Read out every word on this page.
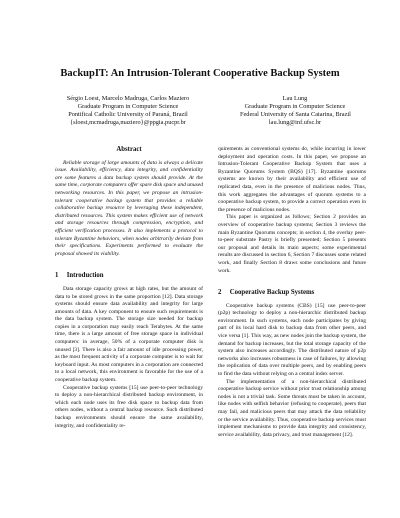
BackupIT: An Intrusion-Tolerant Cooperative Backup System
Sérgio Loest, Marcelo Madruga, Carlos Maziero
Graduate Program in Computer Science
Pontifical Catholic University of Paraná, Brazil
{sloest,mcmadruga,maziero}@ppgia.pucpr.br
Lau Lung
Graduate Program in Computer Science
Federal University of Santa Catarina, Brazil
lau.lung@inf.ufsc.br
Abstract

Reliable storage of large amounts of data is always a delicate issue. Availability, efficiency, data integrity, and confidentiality are some features a data backup system should provide. At the same time, corporate computers offer spare disk space and unused networking resources. In this paper, we propose an intrusion-tolerant cooperative backup system that provides a reliable collaborative backup resource by leveraging these independent, distributed resources. This system makes efficient use of network and storage resources through compression, encryption, and efficient verification processes. It also implements a protocol to tolerate Byzantine behaviors, when nodes arbitrarily deviate from their specifications. Experiments performed to evaluate the proposal showed its viability.

1 Introduction

Data storage capacity grows at high rates, but the amount of data to be stored grows in the same proportion [12]. Data storage systems should ensure data availability and integrity for large amounts of data. A key component to ensure such requirements is the data backup system. The storage size needed for backup copies in a corporation may easily reach Terabytes. At the same time, there is a large amount of free storage space in individual computers: in average, 50% of a corporate computer disk is unused [3]. There is also a fair amount of idle processing power, as the most frequent activity of a corporate computer is to wait for keyboard input. As most computers in a corporation are connected to a local network, this environment is favorable for the use of a cooperative backup system.

Cooperative backup systems [15] use peer-to-peer technology to deploy a non-hierarchical distributed backup environment, in which each node uses its free disk space to backup data from others nodes, without a central backup resource. Such distributed backup environments should ensure the same availability, integrity, and confidentiality re-

quirements as conventional systems do, while incurring in lower deployment and operation costs. In this paper, we propose an Intrusion-Tolerant Cooperative Backup System that uses a Byzantine Quorums System (BQS) [17]. Byzantine quorums systems are known by their availability and efficient use of replicated data, even in the presence of malicious nodes. Thus, this work aggregates the advantages of quorum systems to a cooperative backup system, to provide a correct operation even in the presence of malicious nodes.

This paper is organized as follows; Section 2 provides an overview of cooperative backup systems; Section 3 reviews the main Byzantine Quorums concepts; in section 4, the overlay peer-to-peer substrate Pastry is briefly presented; Section 5 presents our proposal and details its main aspects; some experimental results are discussed in section 6, Section 7 discusses some related work, and finally Section 8 draws some conclusions and future work.

2 Cooperative Backup Systems

Cooperative backup systems (CBS) [15] use peer-to-peer (p2p) technology to deploy a non-hierarchic distributed backup environment. In such systems, each node participates by giving part of its local hard disk to backup data from other peers, and vice versa [1]. This way, as new nodes join the backup system, the demand for backup increases, but the total storage capacity of the system also increases accordingly. The distributed nature of p2p networks also increases robustness in case of failures, by allowing the replication of data over multiple peers, and by enabling peers to find the data without relying on a central index server.

The implementation of a non-hierarchical distributed cooperative backup service without prior trust relationship among nodes is not a trivial task. Some threats must be taken in account, like nodes with selfish behavior (refusing to cooperate), peers that may fail, and malicious peers that may attack the data reliability or the service availability. Thus, cooperative backup services must implement mechanisms to provide data integrity and consistency, service availability, data privacy, and trust management [12].
